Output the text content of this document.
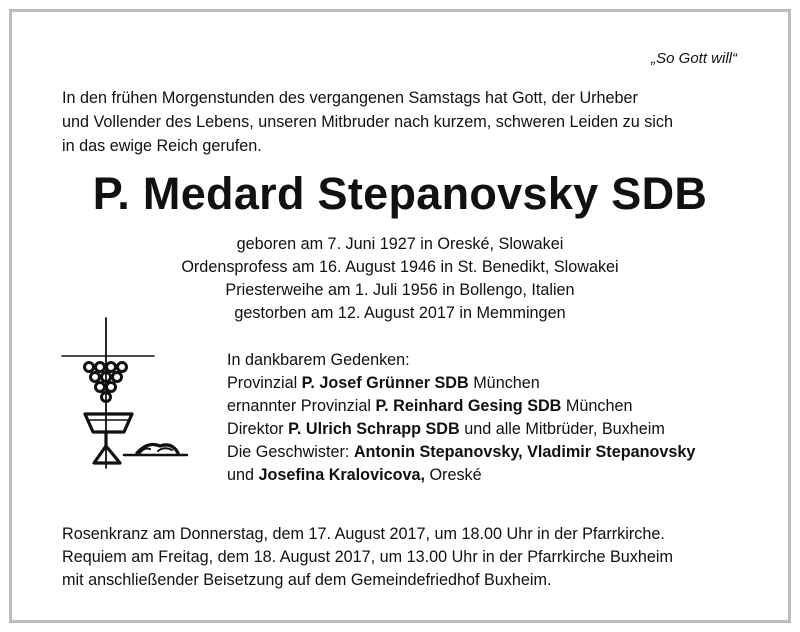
„So Gott will“
In den frühen Morgenstunden des vergangenen Samstags hat Gott, der Urheber
und Vollender des Lebens, unseren Mitbruder nach kurzem, schweren Leiden zu sich
in das ewige Reich gerufen.
P. Medard Stepanovsky SDB
geboren am 7. Juni 1927 in Oreské, Slowakei
Ordensprofess am 16. August 1946 in St. Benedikt, Slowakei
Priesterweihe am 1. Juli 1956 in Bollengo, Italien
gestorben am 12. August 2017 in Memmingen
In dankbarem Gedenken:
Provinzial P. Josef Grünner SDB München
ernannter Provinzial P. Reinhard Gesing SDB München
Direktor P. Ulrich Schrapp SDB und alle Mitbrüder, Buxheim
Die Geschwister: Antonin Stepanovsky, Vladimir Stepanovsky
und Josefina Kralovicova, Oreské
Rosenkranz am Donnerstag, dem 17. August 2017, um 18.00 Uhr in der Pfarrkirche.
Requiem am Freitag, dem 18. August 2017, um 13.00 Uhr in der Pfarrkirche Buxheim
mit anschließender Beisetzung auf dem Gemeindefriedhof Buxheim.
